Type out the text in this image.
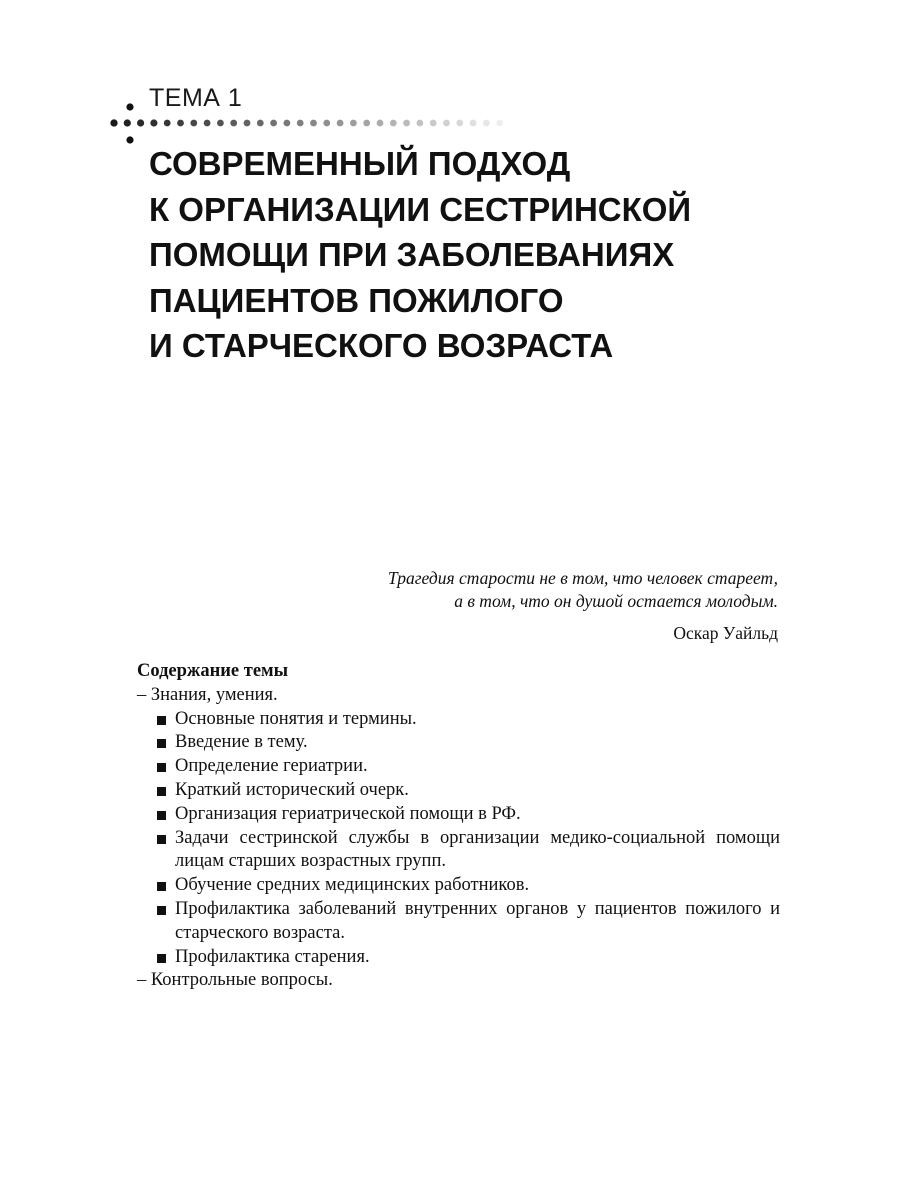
ТЕМА 1
СОВРЕМЕННЫЙ ПОДХОД
К ОРГАНИЗАЦИИ СЕСТРИНСКОЙ
ПОМОЩИ ПРИ ЗАБОЛЕВАНИЯХ
ПАЦИЕНТОВ ПОЖИЛОГО
И СТАРЧЕСКОГО ВОЗРАСТА
Трагедия старости не в том, что человек стареет,
а в том, что он душой остается молодым.
Оскар Уайльд
Содержание темы
– Знания, умения.
Основные понятия и термины.
Введение в тему.
Определение гериатрии.
Краткий исторический очерк.
Организация гериатрической помощи в РФ.
Задачи сестринской службы в организации медико-социальной помощи лицам старших возрастных групп.
Обучение средних медицинских работников.
Профилактика заболеваний внутренних органов у пациентов пожилого и старческого возраста.
Профилактика старения.
– Контрольные вопросы.
